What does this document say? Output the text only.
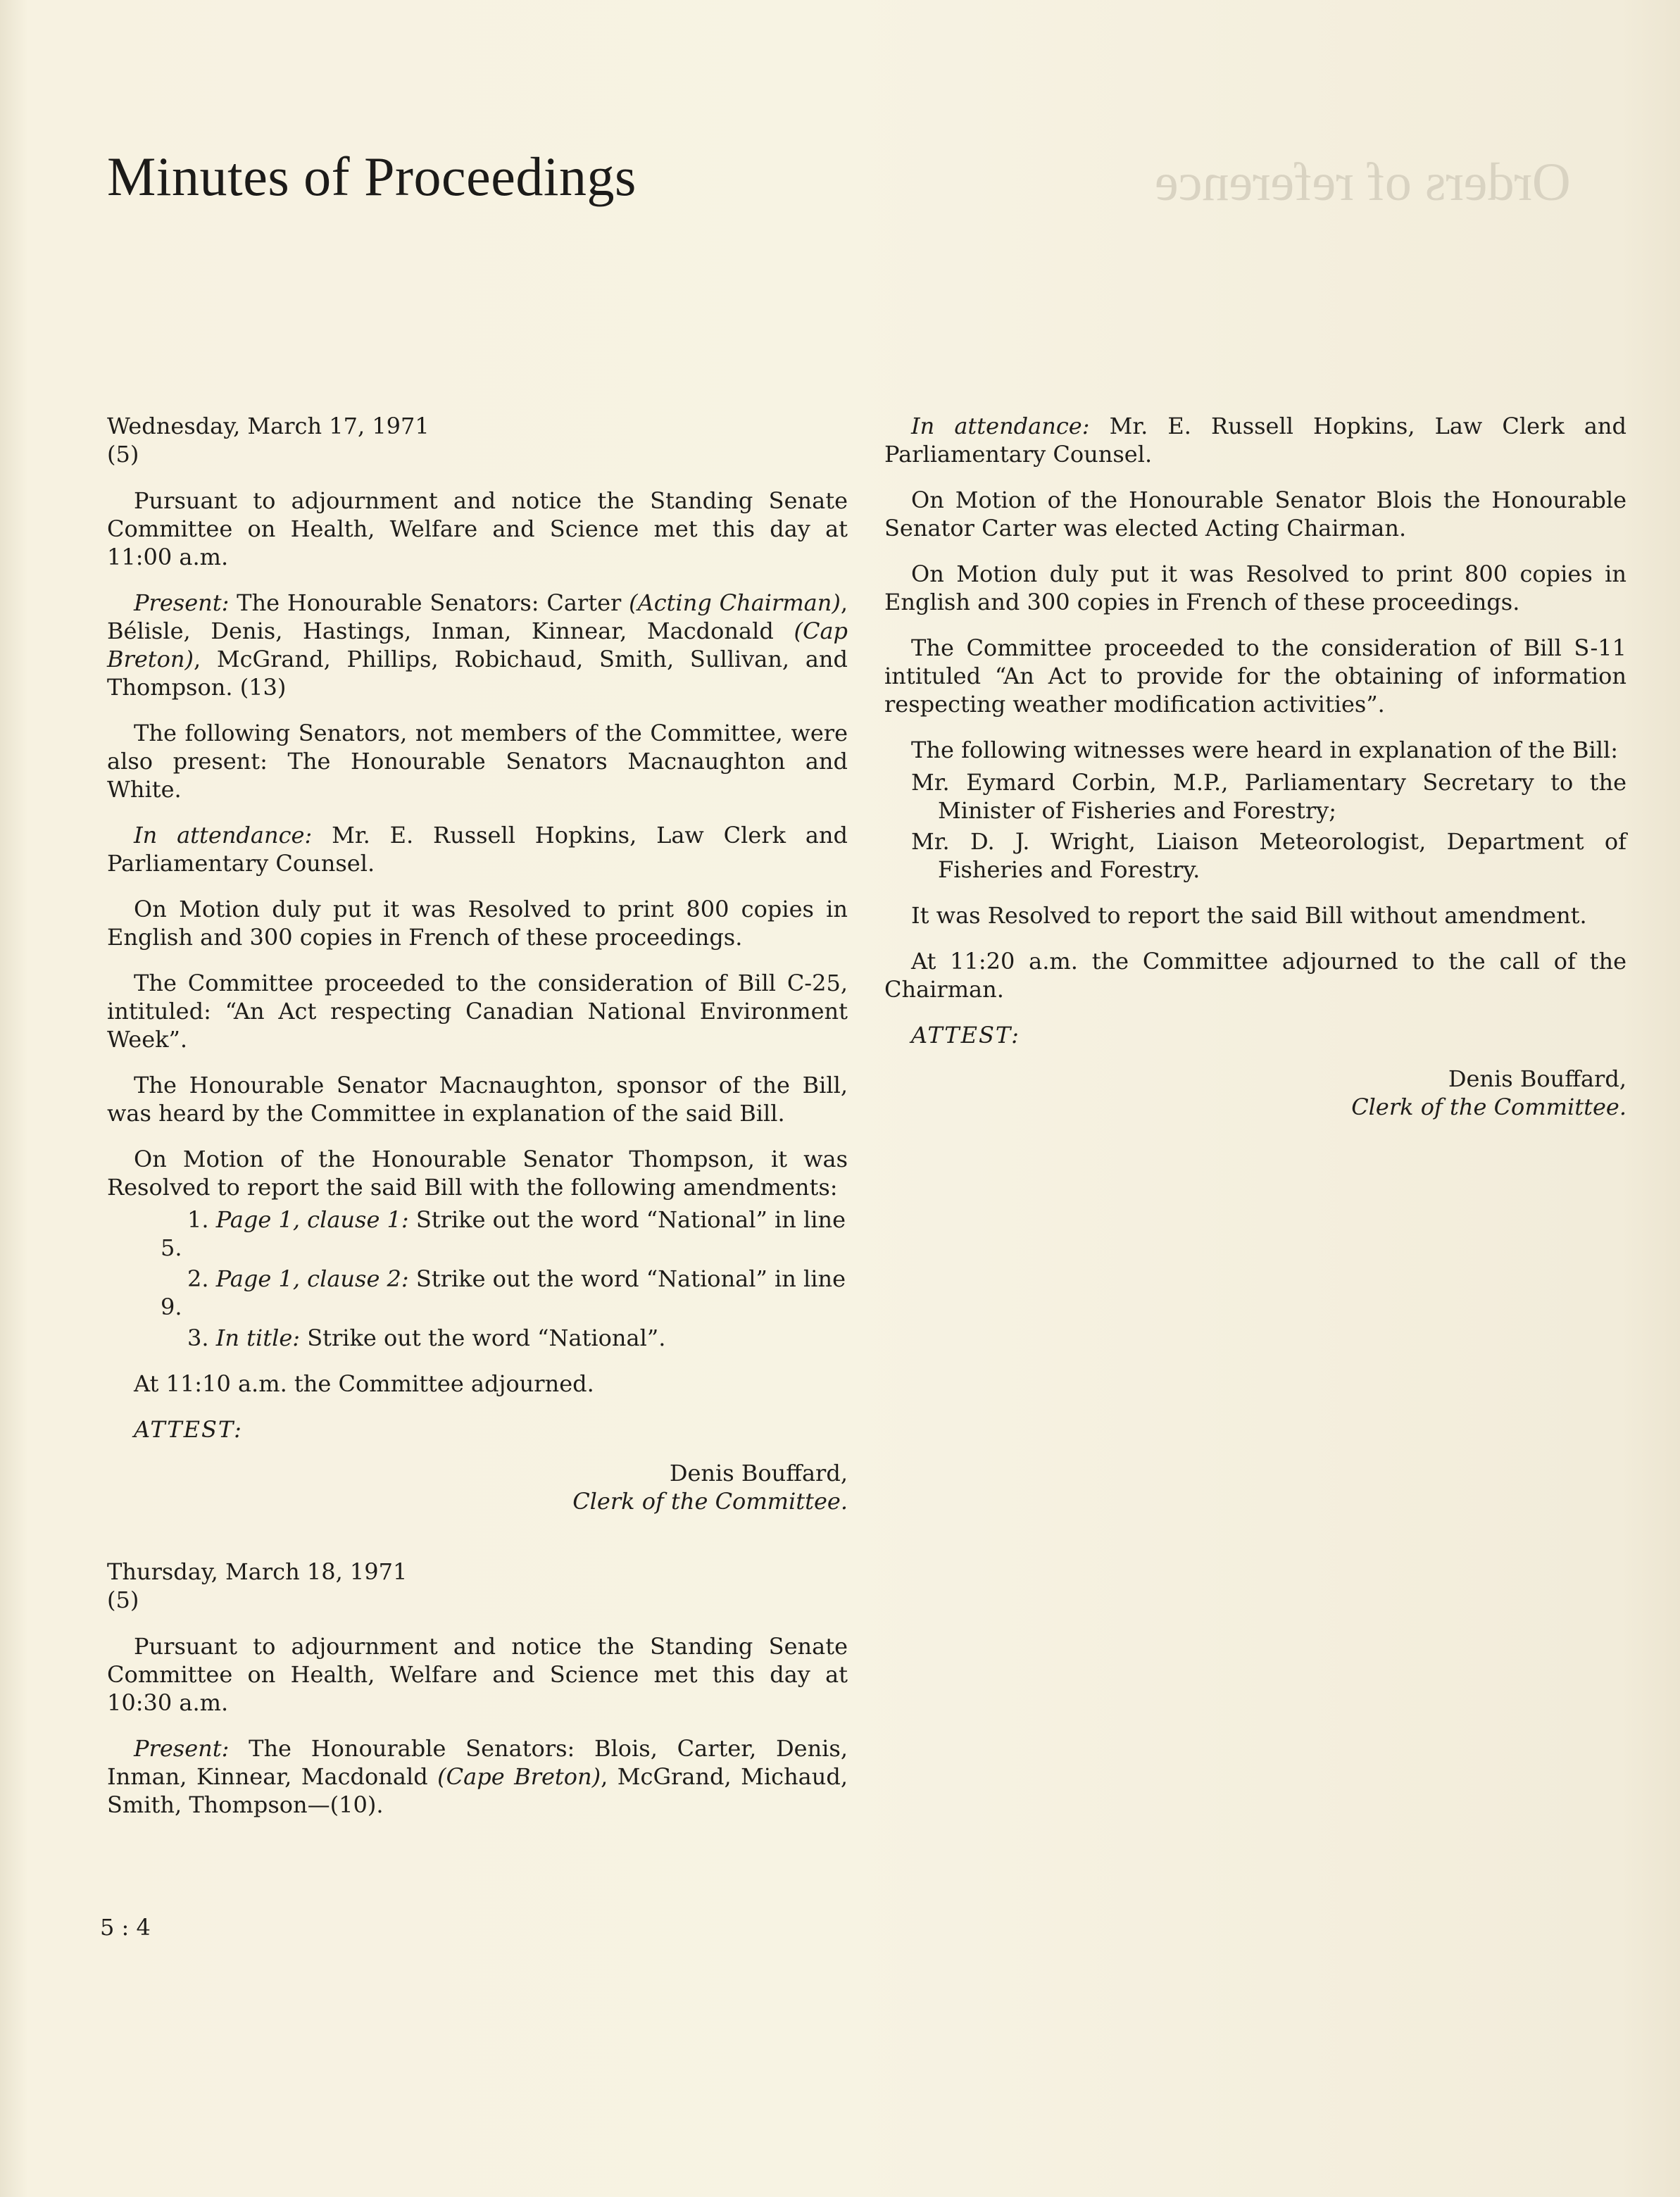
Orders of reference
Minutes of Proceedings

Wednesday, March 17, 1971

(5)

Pursuant to adjournment and notice the Standing Senate Committee on Health, Welfare and Science met this day at 11:00 a.m.

Present: The Honourable Senators: Carter (Acting Chairman), Bélisle, Denis, Hastings, Inman, Kinnear, Macdonald (Cap Breton), McGrand, Phillips, Robichaud, Smith, Sullivan, and Thompson. (13)

The following Senators, not members of the Committee, were also present: The Honourable Senators Macnaughton and White.

In attendance: Mr. E. Russell Hopkins, Law Clerk and Parliamentary Counsel.

On Motion duly put it was Resolved to print 800 copies in English and 300 copies in French of these proceedings.

The Committee proceeded to the consideration of Bill C-25, intituled: “An Act respecting Canadian National Environment Week”.

The Honourable Senator Macnaughton, sponsor of the Bill, was heard by the Committee in explanation of the said Bill.

On Motion of the Honourable Senator Thompson, it was Resolved to report the said Bill with the following amendments:

1. Page 1, clause 1: Strike out the word “National” in line 5.

2. Page 1, clause 2: Strike out the word “National” in line 9.

3. In title: Strike out the word “National”.

At 11:10 a.m. the Committee adjourned.

ATTEST:

Denis Bouffard,

Clerk of the Committee.

Thursday, March 18, 1971

(5)

Pursuant to adjournment and notice the Standing Senate Committee on Health, Welfare and Science met this day at 10:30 a.m.

Present: The Honourable Senators: Blois, Carter, Denis, Inman, Kinnear, Macdonald (Cape Breton), McGrand, Michaud, Smith, Thompson—(10).

In attendance: Mr. E. Russell Hopkins, Law Clerk and Parliamentary Counsel.

On Motion of the Honourable Senator Blois the Honourable Senator Carter was elected Acting Chairman.

On Motion duly put it was Resolved to print 800 copies in English and 300 copies in French of these proceedings.

The Committee proceeded to the consideration of Bill S-11 intituled “An Act to provide for the obtaining of information respecting weather modification activities”.

The following witnesses were heard in explanation of the Bill:

Mr. Eymard Corbin, M.P., Parliamentary Secretary to the Minister of Fisheries and Forestry;

Mr. D. J. Wright, Liaison Meteorologist, Department of Fisheries and Forestry.

It was Resolved to report the said Bill without amendment.

At 11:20 a.m. the Committee adjourned to the call of the Chairman.

ATTEST:

Denis Bouffard,

Clerk of the Committee.

5 : 4
